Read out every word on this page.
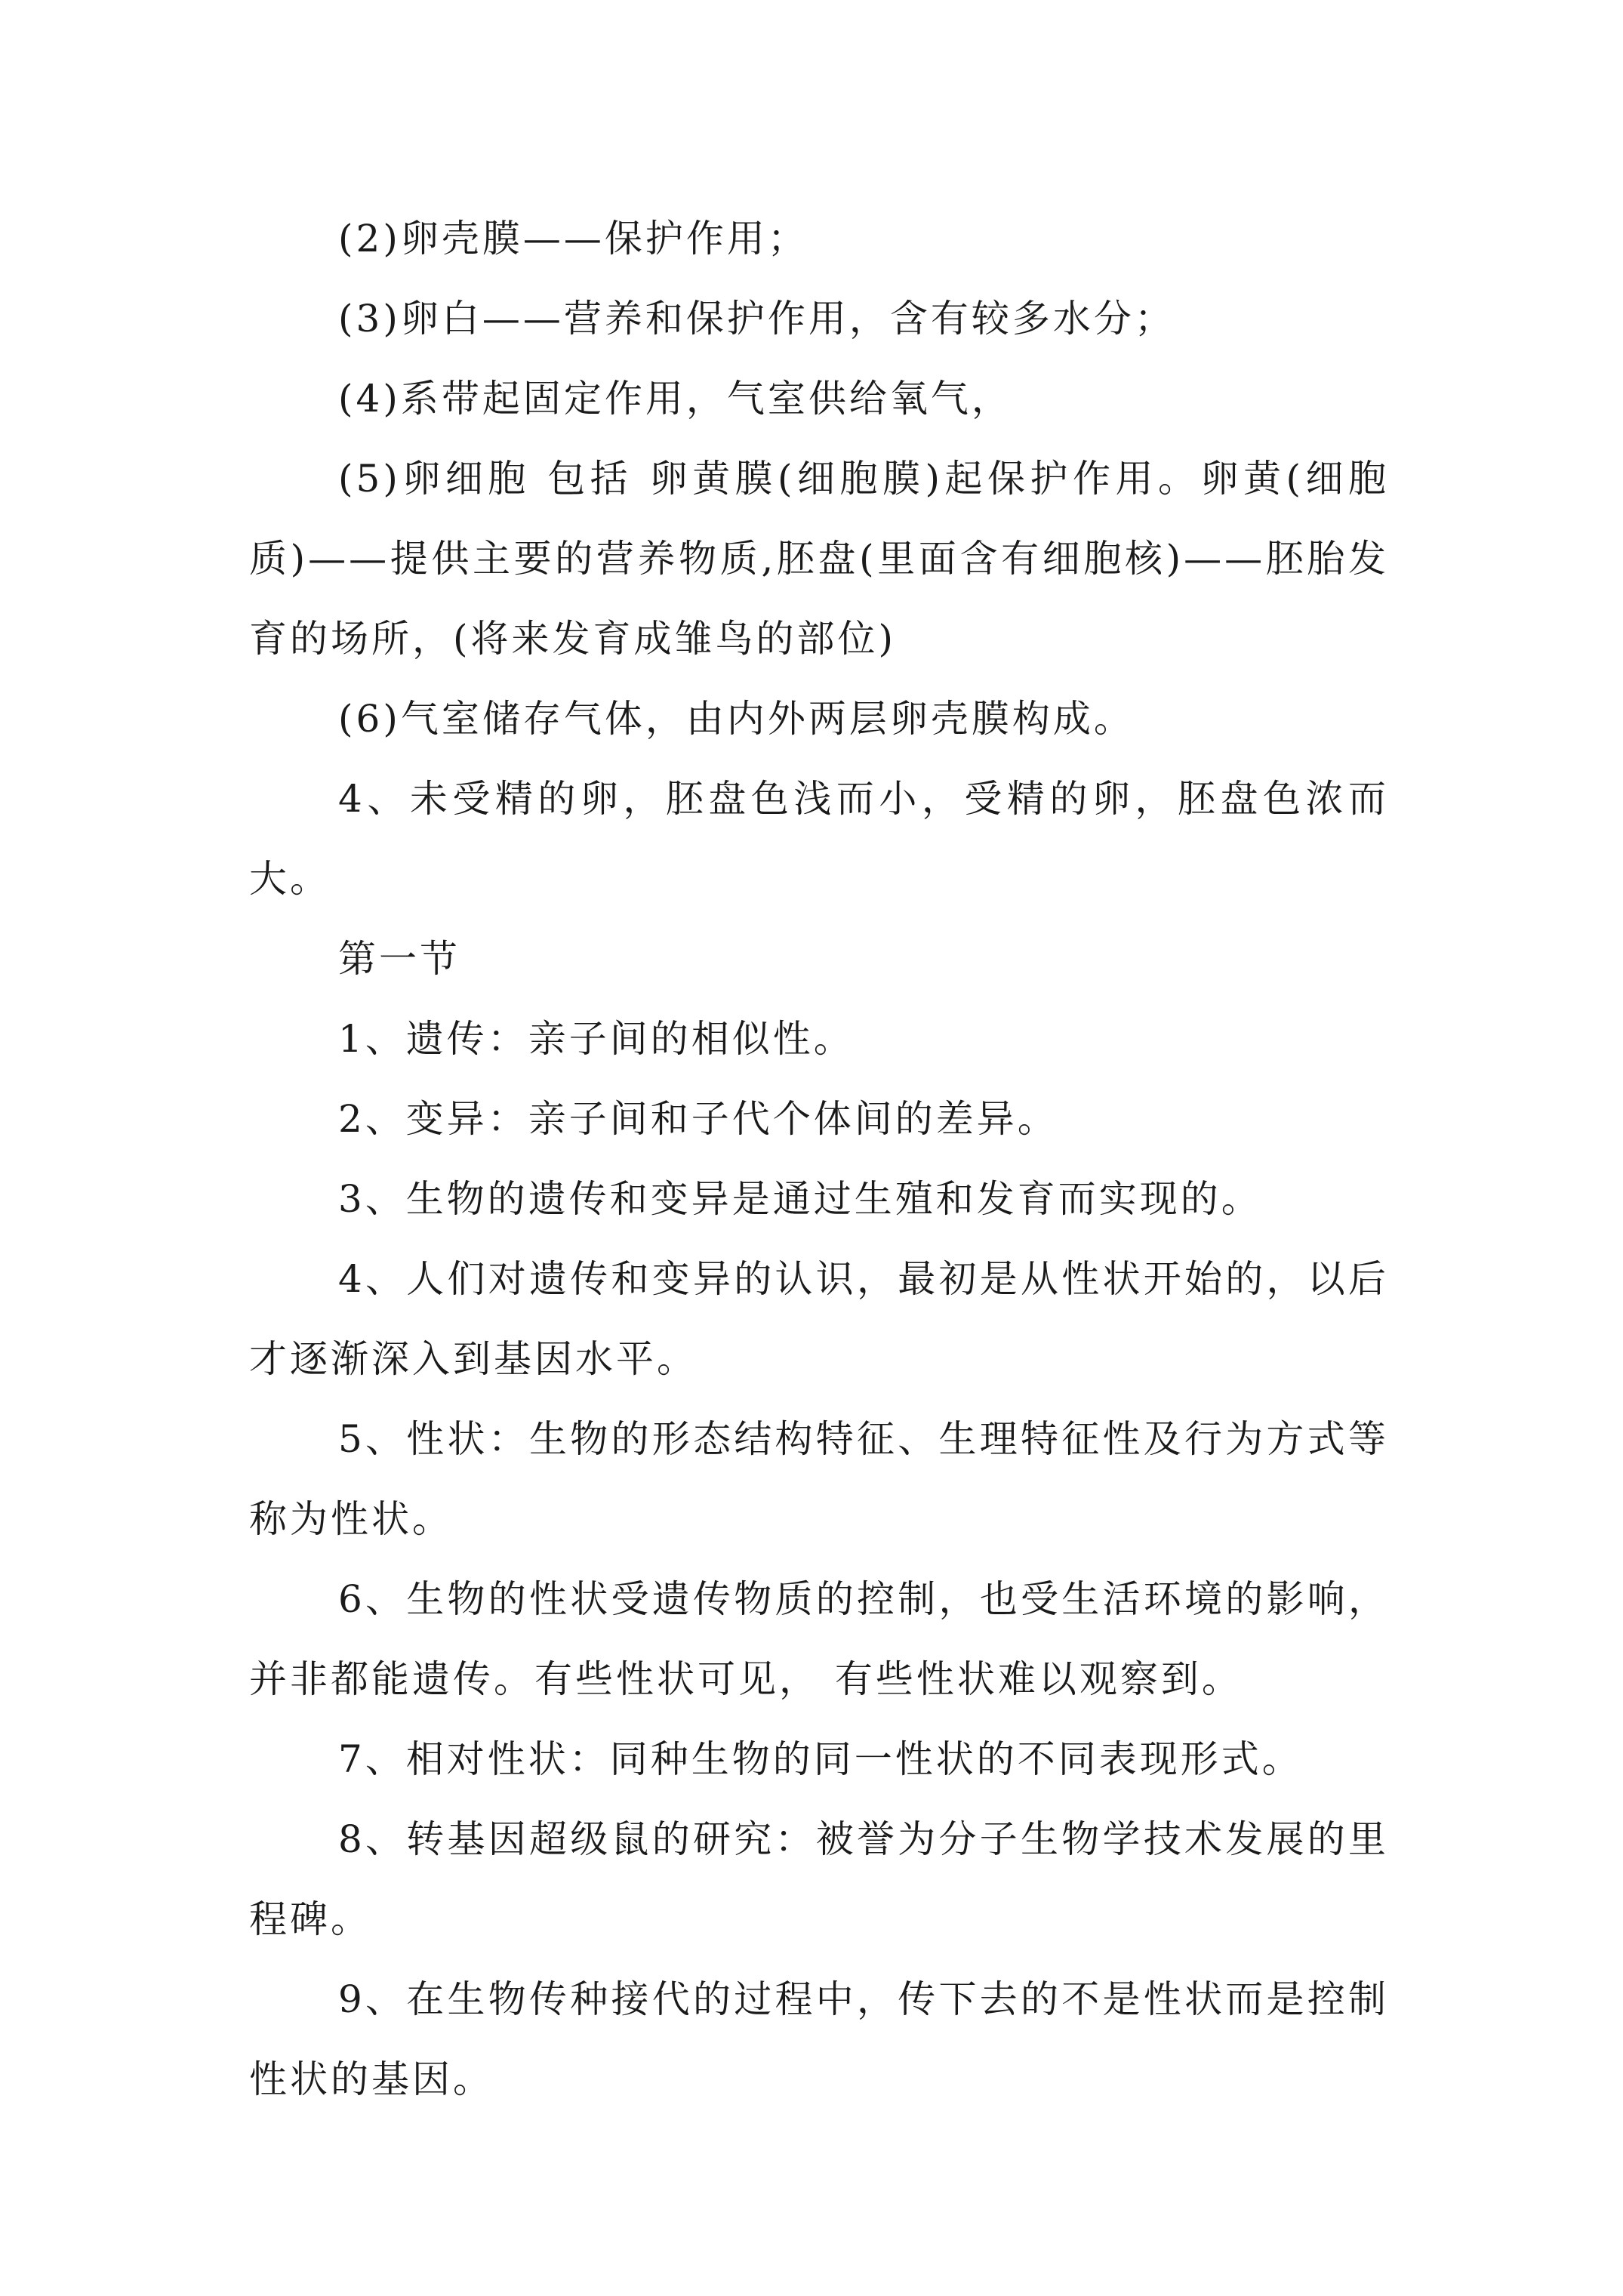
(2)卵壳膜——保护作用；

(3)卵白——营养和保护作用，含有较多水分；

(4)系带起固定作用，气室供给氧气，

(5)卵细胞 包括 卵黄膜(细胞膜)起保护作用。卵黄(细胞质)——提供主要的营养物质,胚盘(里面含有细胞核)——胚胎发育的场所，(将来发育成雏鸟的部位)

(6)气室储存气体，由内外两层卵壳膜构成。

4、未受精的卵，胚盘色浅而小，受精的卵，胚盘色浓而大。

第一节

1、遗传：亲子间的相似性。

2、变异：亲子间和子代个体间的差异。

3、生物的遗传和变异是通过生殖和发育而实现的。

4、人们对遗传和变异的认识，最初是从性状开始的，以后才逐渐深入到基因水平。

5、性状：生物的形态结构特征、生理特征性及行为方式等称为性状。

6、生物的性状受遗传物质的控制，也受生活环境的影响，并非都能遗传。有些性状可见， 有些性状难以观察到。

7、相对性状：同种生物的同一性状的不同表现形式。

8、转基因超级鼠的研究：被誉为分子生物学技术发展的里程碑。

9、在生物传种接代的过程中，传下去的不是性状而是控制性状的基因。
